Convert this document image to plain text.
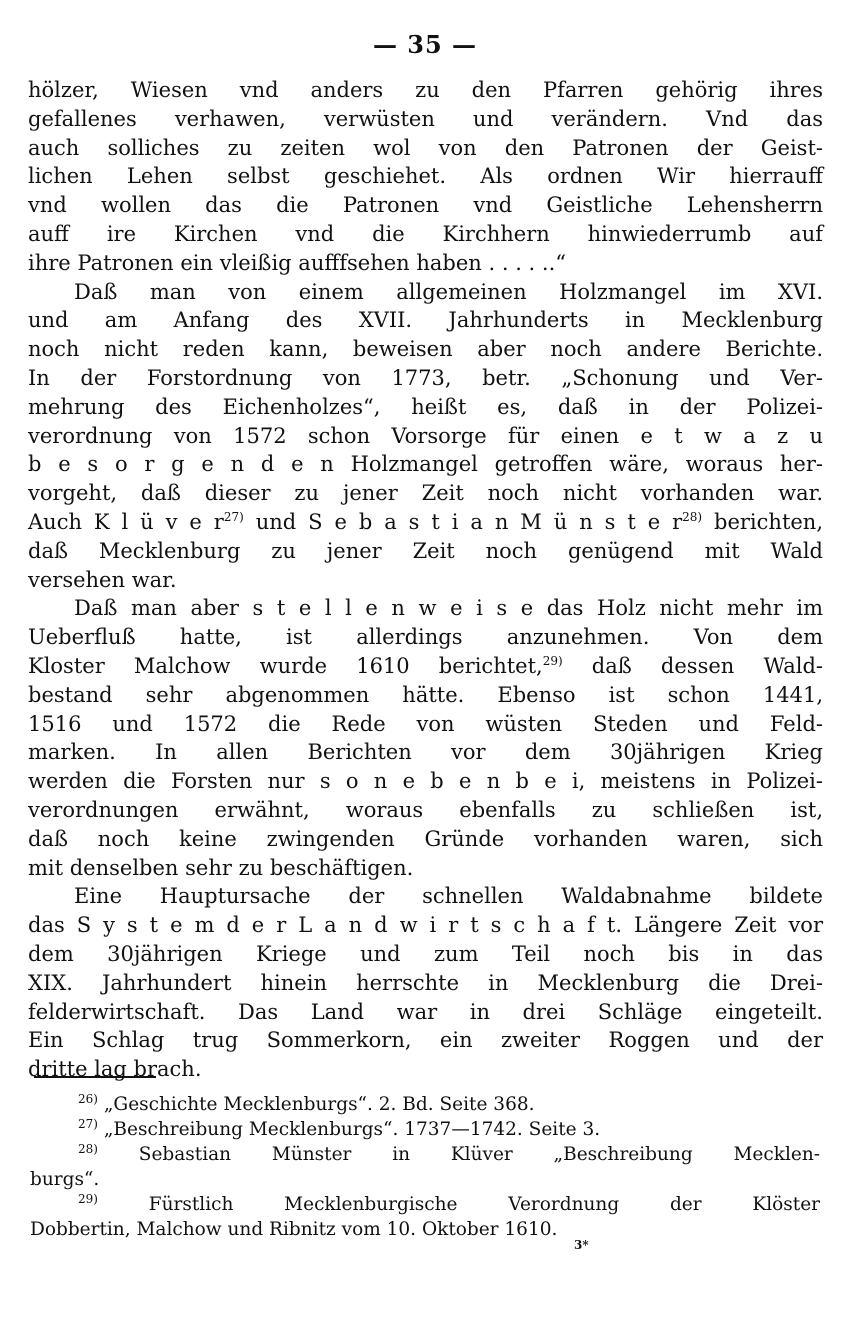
— 35 —
hölzer, Wiesen vnd anders zu den Pfarren gehörig ihres
gefallenes verhawen, verwüsten und verändern. Vnd das
auch solliches zu zeiten wol von den Patronen der Geist-
lichen Lehen selbst geschiehet. Als ordnen Wir hierrauff
vnd wollen das die Patronen vnd Geistliche Lehensherrn
auff ire Kirchen vnd die Kirchhern hinwiederrumb auf
ihre Patronen ein vleißig aufffsehen haben . . . . ..“
Daß man von einem allgemeinen Holzmangel im XVI.
und am Anfang des XVII. Jahrhunderts in Mecklenburg
noch nicht reden kann, beweisen aber noch andere Berichte.
In der Forstordnung von 1773, betr. „Schonung und Ver-
mehrung des Eichenholzes“, heißt es, daß in der Polizei-
verordnung von 1572 schon Vorsorge für einen e t w a z u
b e s o r g e n d e n Holzmangel getroffen wäre, woraus her-
vorgeht, daß dieser zu jener Zeit noch nicht vorhanden war.
Auch K l ü v e $r^{27)}$ und S e b a s t i a n M ü n s t e $r^{28)}$ berichten,
daß Mecklenburg zu jener Zeit noch genügend mit Wald
versehen war.
Daß man aber s t e l l e n w e i s e das Holz nicht mehr im
Ueberfluß hatte, ist allerdings anzunehmen. Von dem
Kloster Malchow wurde 1610 berichtet,$^{29)}$ daß dessen Wald-
bestand sehr abgenommen hätte. Ebenso ist schon 1441,
1516 und 1572 die Rede von wüsten Steden und Feld-
marken. In allen Berichten vor dem 30jährigen Krieg
werden die Forsten nur s o n e b e n b e i, meistens in Polizei-
verordnungen erwähnt, woraus ebenfalls zu schließen ist,
daß noch keine zwingenden Gründe vorhanden waren, sich
mit denselben sehr zu beschäftigen.
Eine Hauptursache der schnellen Waldabnahme bildete
das S y s t e m d e r L a n d w i r t s c h a f t. Längere Zeit vor
dem 30jährigen Kriege und zum Teil noch bis in das
XIX. Jahrhundert hinein herrschte in Mecklenburg die Drei-
felderwirtschaft. Das Land war in drei Schläge eingeteilt.
Ein Schlag trug Sommerkorn, ein zweiter Roggen und der
dritte lag brach.
$^{26)}$ „Geschichte Mecklenburgs“. 2. Bd. Seite 368.
$^{27)}$ „Beschreibung Mecklenburgs“. 1737—1742. Seite 3.
$^{28)}$ Sebastian Münster in Klüver „Beschreibung Mecklen-
burgs“.
$^{29)}$	Fürstlich Mecklenburgische Verordnung der Klöster
Dobbertin, Malchow und Ribnitz vom 10. Oktober 1610.
3*
